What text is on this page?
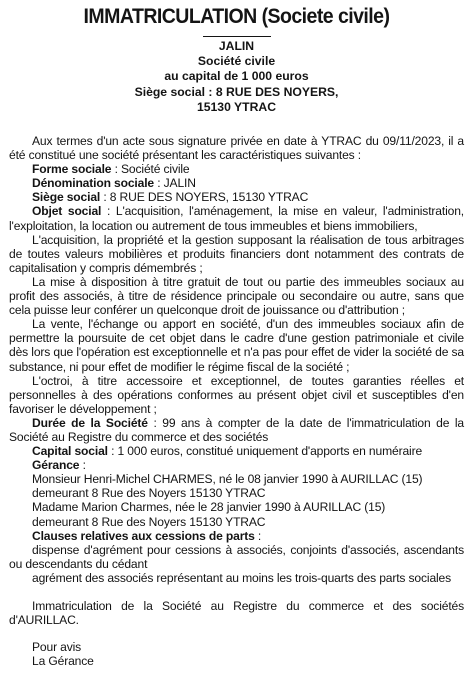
IMMATRICULATION (Societe civile)
JALIN
Société civile
au capital de 1 000 euros
Siège social : 8 RUE DES NOYERS,
15130 YTRAC

Aux termes d'un acte sous signature privée en date à YTRAC du 09/11/2023, il a été constitué une société présentant les caractéristiques suivantes :

Forme sociale : Société civile

Dénomination sociale : JALIN

Siège social : 8 RUE DES NOYERS, 15130 YTRAC

Objet social : L'acquisition, l'aménagement, la mise en valeur, l'administration, l'exploitation, la location ou autrement de tous immeubles et biens immobiliers,

L'acquisition, la propriété et la gestion supposant la réalisation de tous arbitrages de toutes valeurs mobilières et produits financiers dont notamment des contrats de capitalisation y compris démembrés ;

La mise à disposition à titre gratuit de tout ou partie des immeubles sociaux au profit des associés, à titre de résidence principale ou secondaire ou autre, sans que cela puisse leur conférer un quelconque droit de jouissance ou d'attribution ;

La vente, l'échange ou apport en société, d'un des immeubles sociaux afin de permettre la poursuite de cet objet dans le cadre d'une gestion patrimoniale et civile dès lors que l'opération est exceptionnelle et n'a pas pour effet de vider la société de sa substance, ni pour effet de modifier le régime fiscal de la société ;

L'octroi, à titre accessoire et exceptionnel, de toutes garanties réelles et personnelles à des opérations conformes au présent objet civil et susceptibles d'en favoriser le développement ;

Durée de la Société : 99 ans à compter de la date de l'immatriculation de la Société au Registre du commerce et des sociétés

Capital social : 1 000 euros, constitué uniquement d'apports en numéraire

Gérance :

Monsieur Henri-Michel CHARMES, né le 08 janvier 1990 à AURILLAC (15)

demeurant 8 Rue des Noyers 15130 YTRAC

Madame Marion Charmes, née le 28 janvier 1990 à AURILLAC (15)

demeurant 8 Rue des Noyers 15130 YTRAC

Clauses relatives aux cessions de parts :

dispense d'agrément pour cessions à associés, conjoints d'associés, ascendants ou descendants du cédant

agrément des associés représentant au moins les trois-quarts des parts sociales

Immatriculation de la Société au Registre du commerce et des sociétés d'AURILLAC.

Pour avis

La Gérance
